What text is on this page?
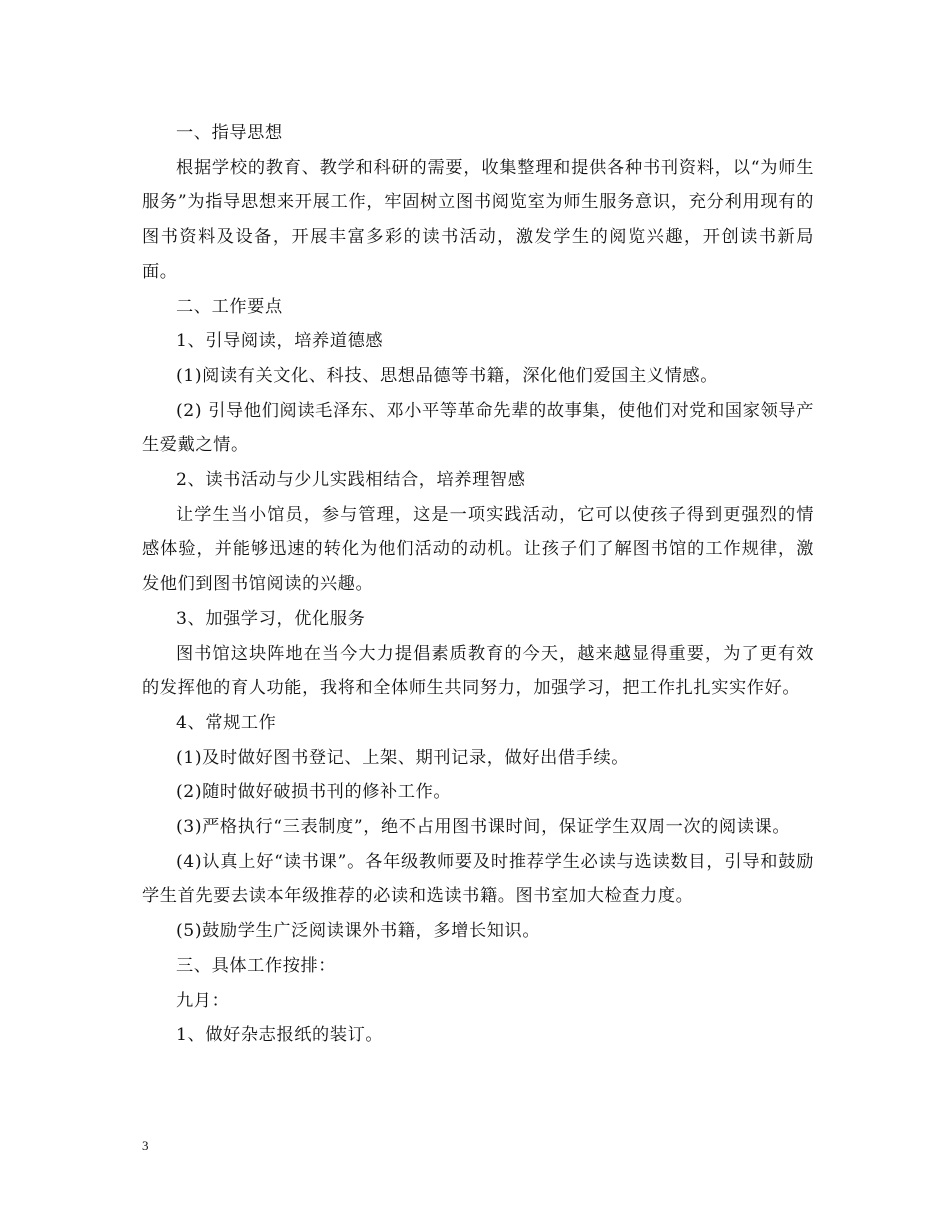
一、指导思想

根据学校的教育、教学和科研的需要，收集整理和提供各种书刊资料，以“为师生服务”为指导思想来开展工作，牢固树立图书阅览室为师生服务意识，充分利用现有的图书资料及设备，开展丰富多彩的读书活动，激发学生的阅览兴趣，开创读书新局面。

二、工作要点

1、引导阅读，培养道德感

(1)阅读有关文化、科技、思想品德等书籍，深化他们爱国主义情感。

(2) 引导他们阅读毛泽东、邓小平等革命先辈的故事集，使他们对党和国家领导产生爱戴之情。

2、读书活动与少儿实践相结合，培养理智感

让学生当小馆员，参与管理，这是一项实践活动，它可以使孩子得到更强烈的情感体验，并能够迅速的转化为他们活动的动机。让孩子们了解图书馆的工作规律，激发他们到图书馆阅读的兴趣。

3、加强学习，优化服务

图书馆这块阵地在当今大力提倡素质教育的今天，越来越显得重要，为了更有效的发挥他的育人功能，我将和全体师生共同努力，加强学习，把工作扎扎实实作好。

4、常规工作

(1)及时做好图书登记、上架、期刊记录，做好出借手续。

(2)随时做好破损书刊的修补工作。

(3)严格执行“三表制度”，绝不占用图书课时间，保证学生双周一次的阅读课。

(4)认真上好“读书课”。各年级教师要及时推荐学生必读与选读数目，引导和鼓励学生首先要去读本年级推荐的必读和选读书籍。图书室加大检查力度。

(5)鼓励学生广泛阅读课外书籍，多增长知识。

三、具体工作按排：

九月：

1、做好杂志报纸的装订。

3
